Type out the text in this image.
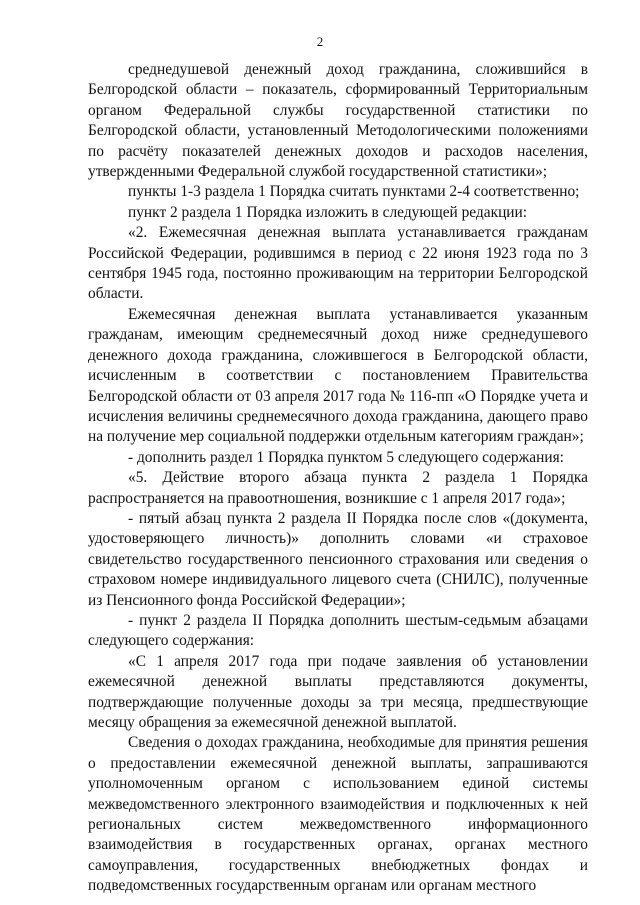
2

среднедушевой денежный доход гражданина, сложившийся в Белгородской области – показатель, сформированный Территориальным органом Федеральной службы государственной статистики по Белгородской области, установленный Методологическими положениями по расчёту показателей денежных доходов и расходов населения, утвержденными Федеральной службой государственной статистики»;

пункты 1-3 раздела 1 Порядка считать пунктами 2-4 соответственно;

пункт 2 раздела 1 Порядка изложить в следующей редакции:

«2. Ежемесячная денежная выплата устанавливается гражданам Российской Федерации, родившимся в период с 22 июня 1923 года по 3 сентября 1945 года, постоянно проживающим на территории Белгородской области.

Ежемесячная денежная выплата устанавливается указанным гражданам, имеющим среднемесячный доход ниже среднедушевого денежного дохода гражданина, сложившегося в Белгородской области, исчисленным в соответствии с постановлением Правительства Белгородской области от 03 апреля 2017 года № 116-пп «О Порядке учета и исчисления величины среднемесячного дохода гражданина, дающего право на получение мер социальной поддержки отдельным категориям граждан»;

- дополнить раздел 1 Порядка пунктом 5 следующего содержания:

«5. Действие второго абзаца пункта 2 раздела 1 Порядка распространяется на правоотношения, возникшие с 1 апреля 2017 года»;

- пятый абзац пункта 2 раздела II Порядка после слов «(документа, удостоверяющего личность)» дополнить словами «и страховое свидетельство государственного пенсионного страхования или сведения о страховом номере индивидуального лицевого счета (СНИЛС), полученные из Пенсионного фонда Российской Федерации»;

- пункт 2 раздела II Порядка дополнить шестым-седьмым абзацами следующего содержания:

«С 1 апреля 2017 года при подаче заявления об установлении ежемесячной денежной выплаты представляются документы, подтверждающие полученные доходы за три месяца, предшествующие месяцу обращения за ежемесячной денежной выплатой.

Сведения о доходах гражданина, необходимые для принятия решения о предоставлении ежемесячной денежной выплаты, запрашиваются уполномоченным органом с использованием единой системы межведомственного электронного взаимодействия и подключенных к ней региональных систем межведомственного информационного взаимодействия в государственных органах, органах местного самоуправления, государственных внебюджетных фондах и подведомственных государственным органам или органам местного
